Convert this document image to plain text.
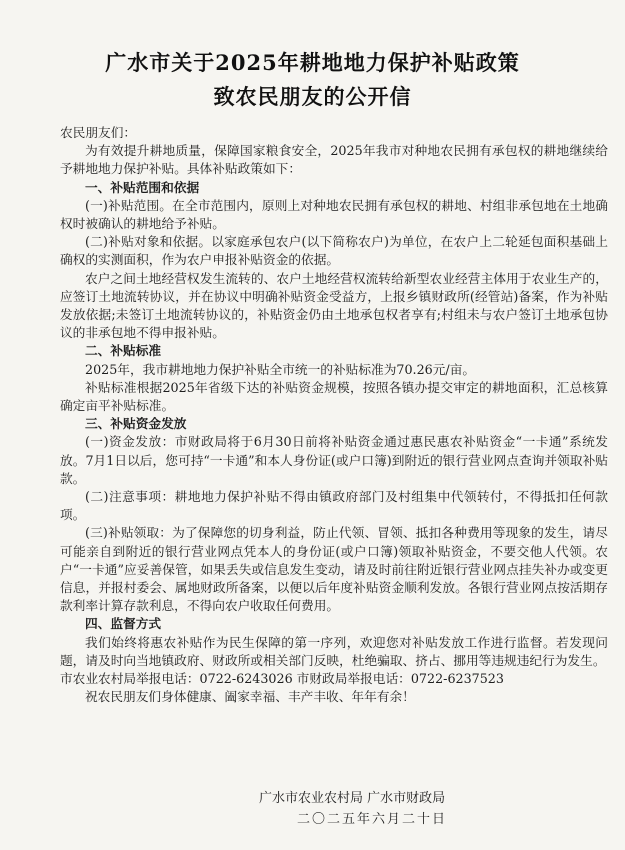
广水市关于2025年耕地地力保护补贴政策
致农民朋友的公开信

农民朋友们：

为有效提升耕地质量，保障国家粮食安全，2025年我市对种地农民拥有承包权的耕地继续给予耕地地力保护补贴。具体补贴政策如下：

一、补贴范围和依据

(一)补贴范围。在全市范围内，原则上对种地农民拥有承包权的耕地、村组非承包地在土地确权时被确认的耕地给予补贴。

(二)补贴对象和依据。以家庭承包农户(以下简称农户)为单位，在农户上二轮延包面积基础上确权的实测面积，作为农户申报补贴资金的依据。

农户之间土地经营权发生流转的、农户土地经营权流转给新型农业经营主体用于农业生产的，应签订土地流转协议，并在协议中明确补贴资金受益方，上报乡镇财政所(经管站)备案，作为补贴发放依据;未签订土地流转协议的，补贴资金仍由土地承包权者享有;村组未与农户签订土地承包协议的非承包地不得申报补贴。

二、补贴标准

2025年，我市耕地地力保护补贴全市统一的补贴标准为70.26元/亩。

补贴标准根据2025年省级下达的补贴资金规模，按照各镇办提交审定的耕地面积，汇总核算确定亩平补贴标准。

三、补贴资金发放

(一)资金发放：市财政局将于6月30日前将补贴资金通过惠民惠农补贴资金“一卡通”系统发放。7月1日以后，您可持“一卡通”和本人身份证(或户口簿)到附近的银行营业网点查询并领取补贴款。

(二)注意事项：耕地地力保护补贴不得由镇政府部门及村组集中代领转付，不得抵扣任何款项。

(三)补贴领取：为了保障您的切身利益，防止代领、冒领、抵扣各种费用等现象的发生，请尽可能亲自到附近的银行营业网点凭本人的身份证(或户口簿)领取补贴资金，不要交他人代领。农户“一卡通”应妥善保管，如果丢失或信息发生变动，请及时前往附近银行营业网点挂失补办或变更信息，并报村委会、属地财政所备案，以便以后年度补贴资金顺利发放。各银行营业网点按活期存款利率计算存款利息，不得向农户收取任何费用。

四、监督方式

我们始终将惠农补贴作为民生保障的第一序列，欢迎您对补贴发放工作进行监督。若发现问题，请及时向当地镇政府、财政所或相关部门反映，杜绝骗取、挤占、挪用等违规违纪行为发生。

市农业农村局举报电话：0722-6243026 市财政局举报电话：0722-6237523

祝农民朋友们身体健康、阖家幸福、丰产丰收、年年有余！

广水市农业农村局 广水市财政局
二〇二五年六月二十日
